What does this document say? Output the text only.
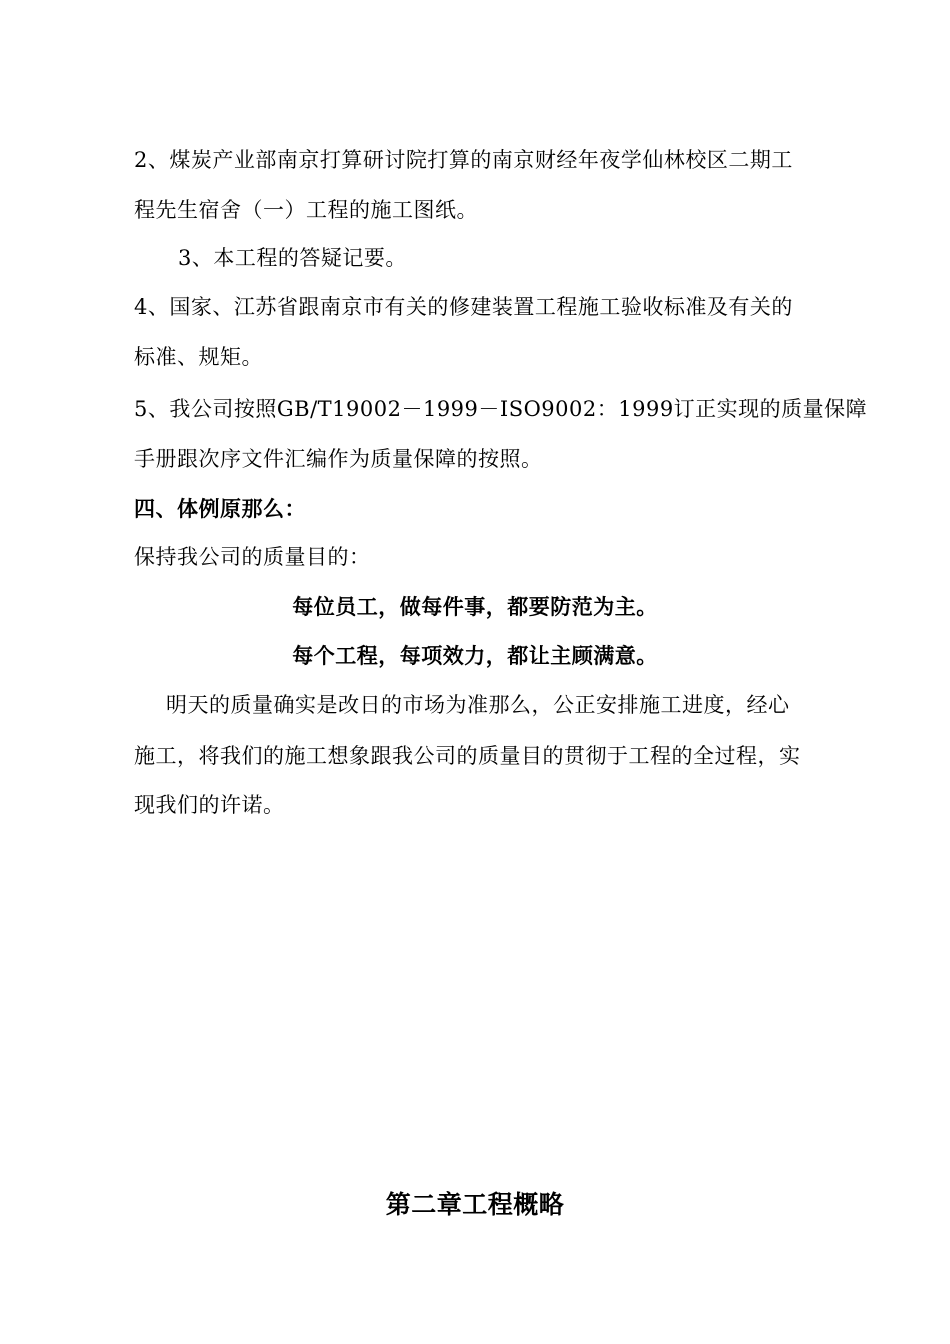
2、煤炭产业部南京打算研讨院打算的南京财经年夜学仙林校区二期工

程先生宿舍（一）工程的施工图纸。

3、本工程的答疑记要。

4、国家、江苏省跟南京市有关的修建装置工程施工验收标准及有关的

标准、规矩。

5、我公司按照GB/T19002－1999－ISO9002：1999订正实现的质量保障

手册跟次序文件汇编作为质量保障的按照。

四、体例原那么：

保持我公司的质量目的：

每位员工，做每件事，都要防范为主。

每个工程，每项效力，都让主顾满意。

明天的质量确实是改日的市场为准那么，公正安排施工进度，经心

施工，将我们的施工想象跟我公司的质量目的贯彻于工程的全过程，实

现我们的许诺。

第二章工程概略
